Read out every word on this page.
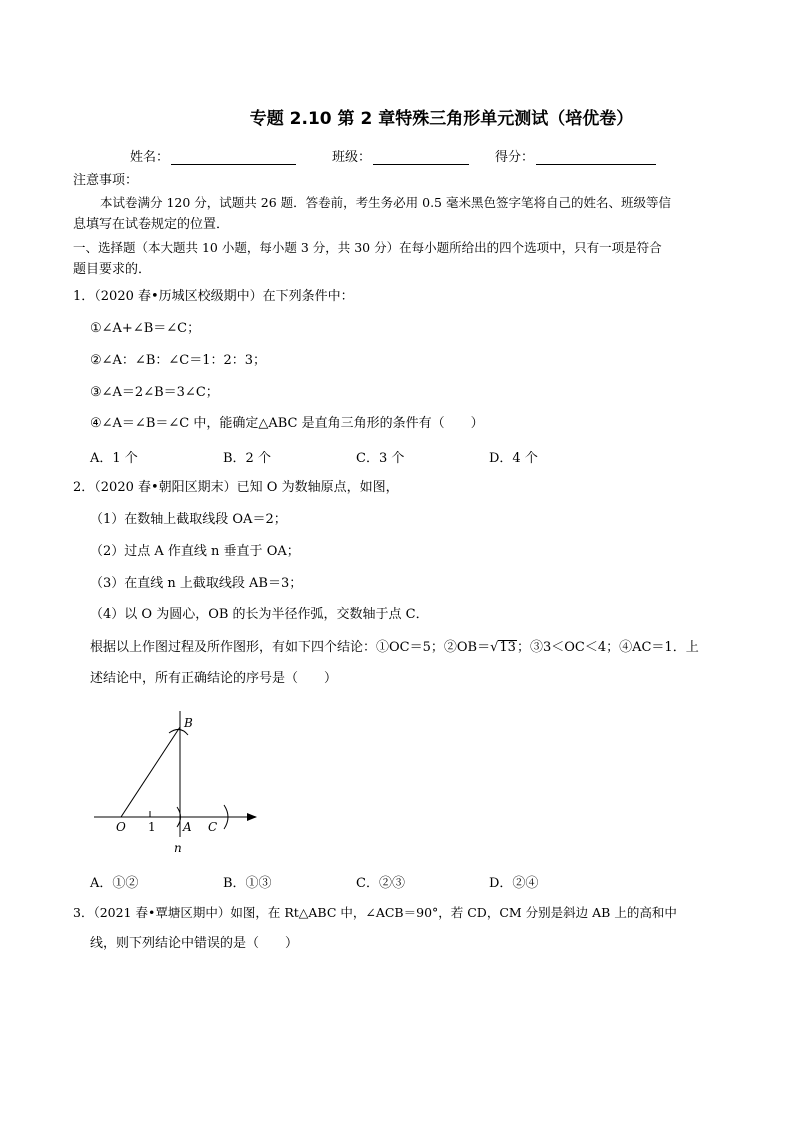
专题 2.10 第 2 章特殊三角形单元测试（培优卷）
姓名：	班级：	得分：
注意事项：
本试卷满分 120 分，试题共 26 题．答卷前，考生务必用 0.5 毫米黑色签字笔将自己的姓名、班级等信
息填写在试卷规定的位置．
一、选择题（本大题共 10 小题，每小题 3 分，共 30 分）在每小题所给出的四个选项中，只有一项是符合
题目要求的．
1．（2020 春•历城区校级期中）在下列条件中：
①∠A+∠B＝∠C；
②∠A：∠B：∠C＝1：2：3；
③∠A＝2∠B＝3∠C；
④∠A＝∠B＝∠C 中，能确定△ABC 是直角三角形的条件有（　　）
A．1 个	B．2 个	C．3 个	D．4 个
2．（2020 春•朝阳区期末）已知 O 为数轴原点，如图，
（1）在数轴上截取线段 OA＝2；
（2）过点 A 作直线 n 垂直于 OA；
（3）在直线 n 上截取线段 AB＝3；
（4）以 O 为圆心，OB 的长为半径作弧，交数轴于点 C．
根据以上作图过程及所作图形，有如下四个结论：①OC＝5；②OB＝√13；③3＜OC＜4；④AC＝1．上
述结论中，所有正确结论的序号是（　　）
B
O 1 A C
n
A．①②	B．①③	C．②③	D．②④
3．（2021 春•覃塘区期中）如图，在 Rt△ABC 中，∠ACB＝90°，若 CD，CM 分别是斜边 AB 上的高和中
线，则下列结论中错误的是（　　）
